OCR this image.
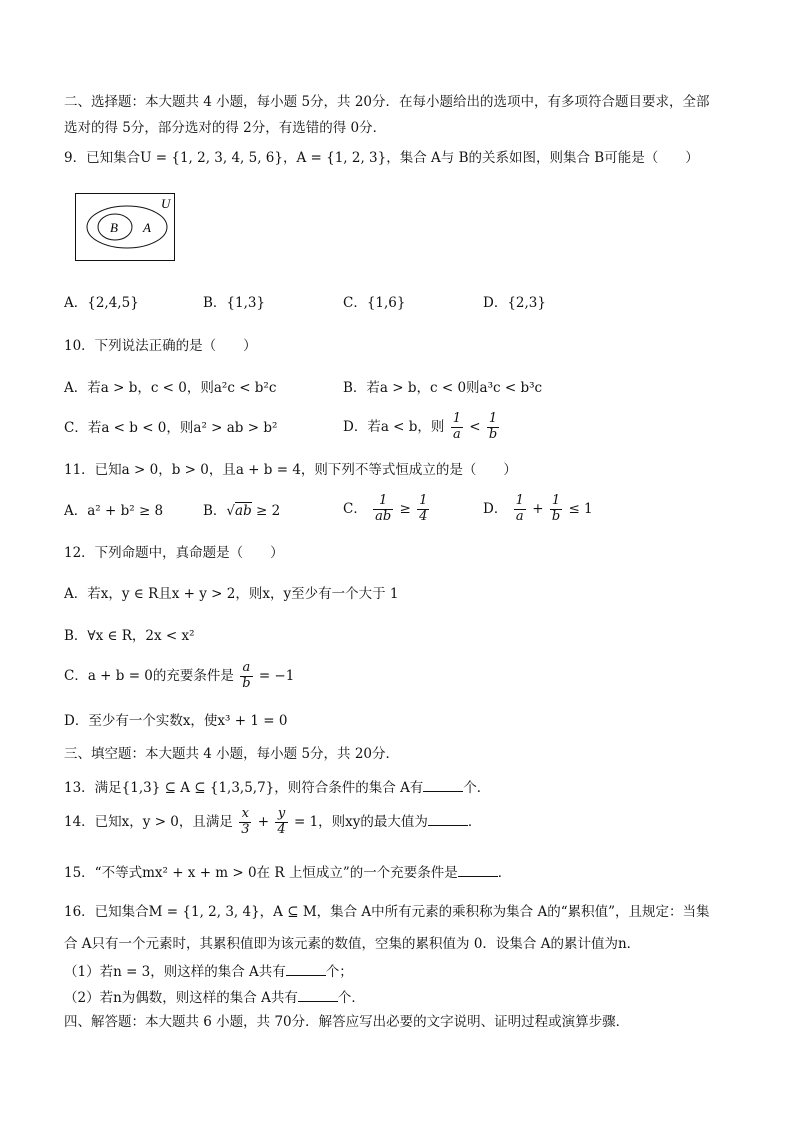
二、选择题：本大题共 4 小题，每小题 5分，共 20分．在每小题给出的选项中，有多项符合题目要求，全部
选对的得 5分，部分选对的得 2分，有选错的得 0分．
9．已知集合U = {1, 2, 3, 4, 5, 6}，A = {1, 2, 3}，集合 A与 B的关系如图，则集合 B可能是（　　）
U
A
B
A．{2,4,5}	B．{1,3}	C．{1,6}	D．{2,3}
10．下列说法正确的是（　　）
A．若a > b，c < 0，则a²c < b²c	B．若a > b，c < 0则a³c < b³c
C．若a < b < 0，则a² > ab > b²	D．若a < b，则 $\frac{1}{a} < \frac{1}{b}$
11．已知a > 0，b > 0，且a + b = 4，则下列不等式恒成立的是（　　）
A．a² + b² ≥ 8	B．√ab ≥ 2	C． $\frac{1}{ab} \ge \frac{1}{4}$	D． $\frac{1}{a} + \frac{1}{b} \le 1$
12．下列命题中，真命题是（　　）
A．若x，y ∈ R且x + y > 2，则x，y至少有一个大于 1
B．∀x ∈ R，2x < x²
C．a + b = 0的充要条件是 $\frac{a}{b} = -1$
D．至少有一个实数x，使x³ + 1 = 0
三、填空题：本大题共 4 小题，每小题 5分，共 20分．
13．满足{1,3} ⊆ A ⊆ {1,3,5,7}，则符合条件的集合 A有	个．
14．已知x，y > 0，且满足 $\frac{x}{3} + \frac{y}{4} = 1$，则xy的最大值为	．
15．“不等式mx² + x + m > 0在 R 上恒成立”的一个充要条件是	．
16．已知集合M = {1, 2, 3, 4}，A ⊆ M，集合 A中所有元素的乘积称为集合 A的“累积值”，且规定：当集
合 A只有一个元素时，其累积值即为该元素的数值，空集的累积值为 0．设集合 A的累计值为n．
（1）若n = 3，则这样的集合 A共有	个；
（2）若n为偶数，则这样的集合 A共有	个．
四、解答题：本大题共 6 小题，共 70分．解答应写出必要的文字说明、证明过程或演算步骤．
